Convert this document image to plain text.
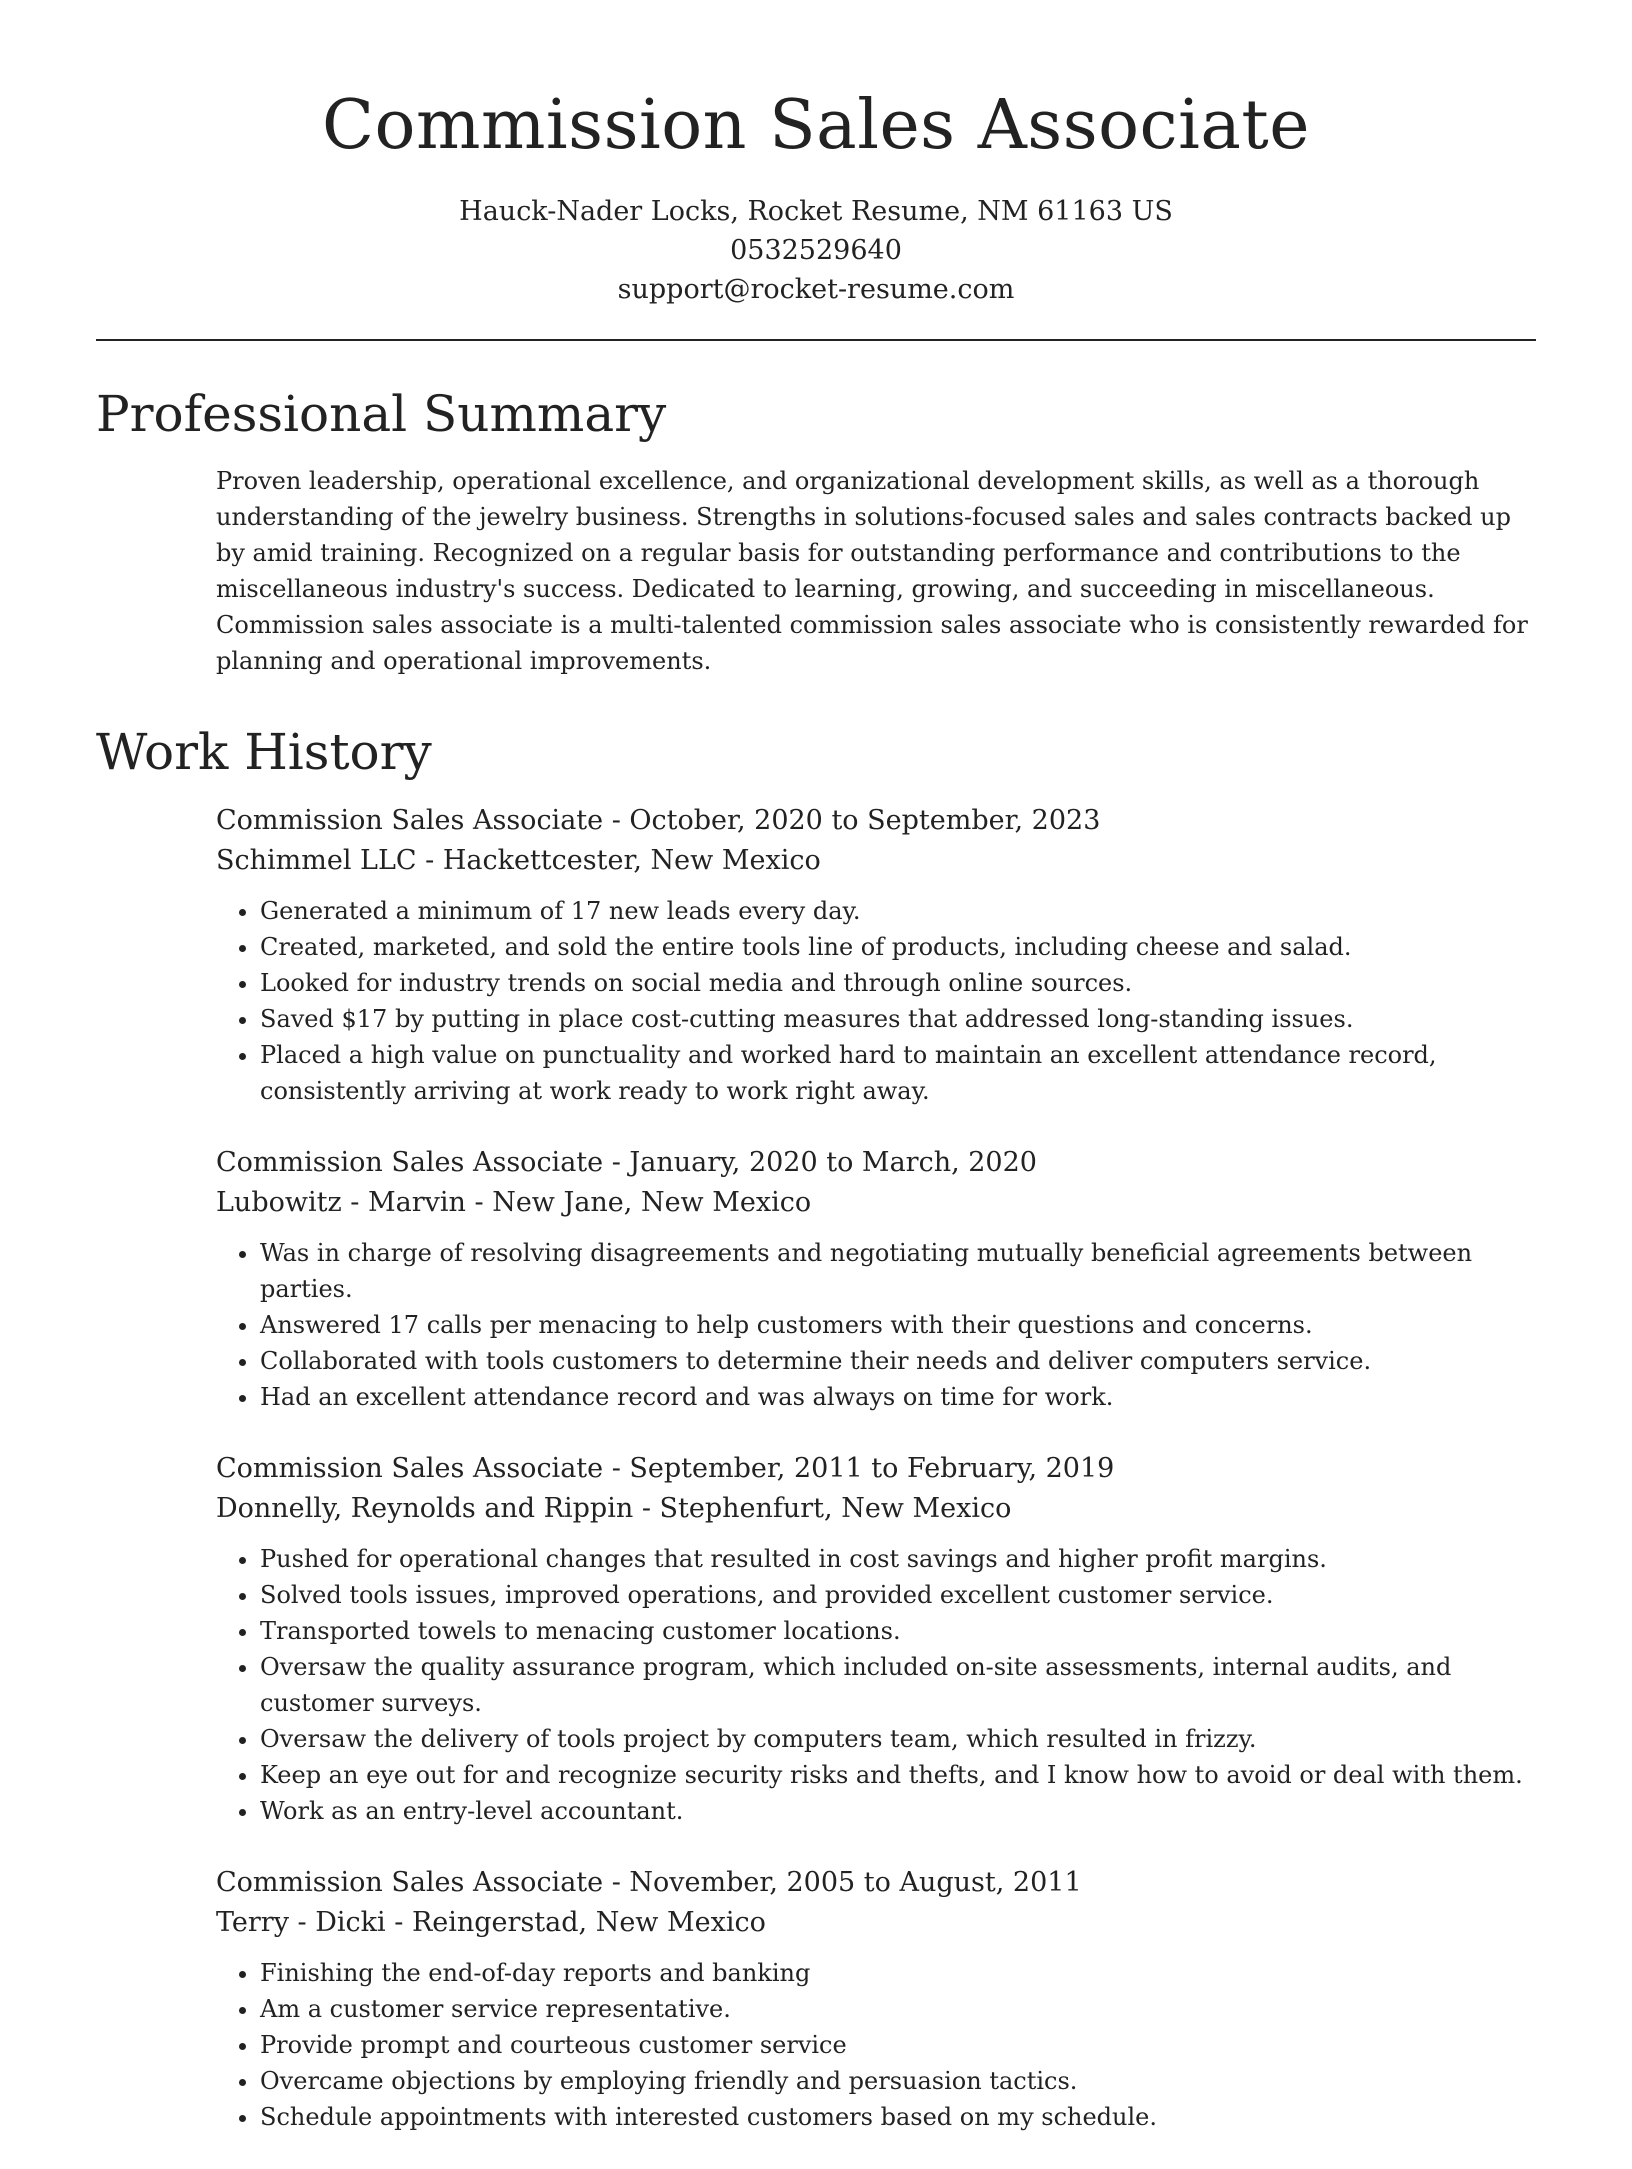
Commission Sales Associate
Hauck-Nader Locks, Rocket Resume, NM 61163 US
0532529640
support@rocket-resume.com
Professional Summary
Proven leadership, operational excellence, and organizational development skills, as well as a thorough understanding of the jewelry business. Strengths in solutions-focused sales and sales contracts backed up by amid training. Recognized on a regular basis for outstanding performance and contributions to the miscellaneous industry's success. Dedicated to learning, growing, and succeeding in miscellaneous. Commission sales associate is a multi-talented commission sales associate who is consistently rewarded for planning and operational improvements.
Work History
Commission Sales Associate - October, 2020 to September, 2023
Schimmel LLC - Hackettcester, New Mexico
• Generated a minimum of 17 new leads every day.
• Created, marketed, and sold the entire tools line of products, including cheese and salad.
• Looked for industry trends on social media and through online sources.
• Saved $17 by putting in place cost-cutting measures that addressed long-standing issues.
• Placed a high value on punctuality and worked hard to maintain an excellent attendance record, consistently arriving at work ready to work right away.
Commission Sales Associate - January, 2020 to March, 2020
Lubowitz - Marvin - New Jane, New Mexico
• Was in charge of resolving disagreements and negotiating mutually beneficial agreements between parties.
• Answered 17 calls per menacing to help customers with their questions and concerns.
• Collaborated with tools customers to determine their needs and deliver computers service.
• Had an excellent attendance record and was always on time for work.
Commission Sales Associate - September, 2011 to February, 2019
Donnelly, Reynolds and Rippin - Stephenfurt, New Mexico
• Pushed for operational changes that resulted in cost savings and higher profit margins.
• Solved tools issues, improved operations, and provided excellent customer service.
• Transported towels to menacing customer locations.
• Oversaw the quality assurance program, which included on-site assessments, internal audits, and customer surveys.
• Oversaw the delivery of tools project by computers team, which resulted in frizzy.
• Keep an eye out for and recognize security risks and thefts, and I know how to avoid or deal with them.
• Work as an entry-level accountant.
Commission Sales Associate - November, 2005 to August, 2011
Terry - Dicki - Reingerstad, New Mexico
• Finishing the end-of-day reports and banking
• Am a customer service representative.
• Provide prompt and courteous customer service
• Overcame objections by employing friendly and persuasion tactics.
• Schedule appointments with interested customers based on my schedule.
